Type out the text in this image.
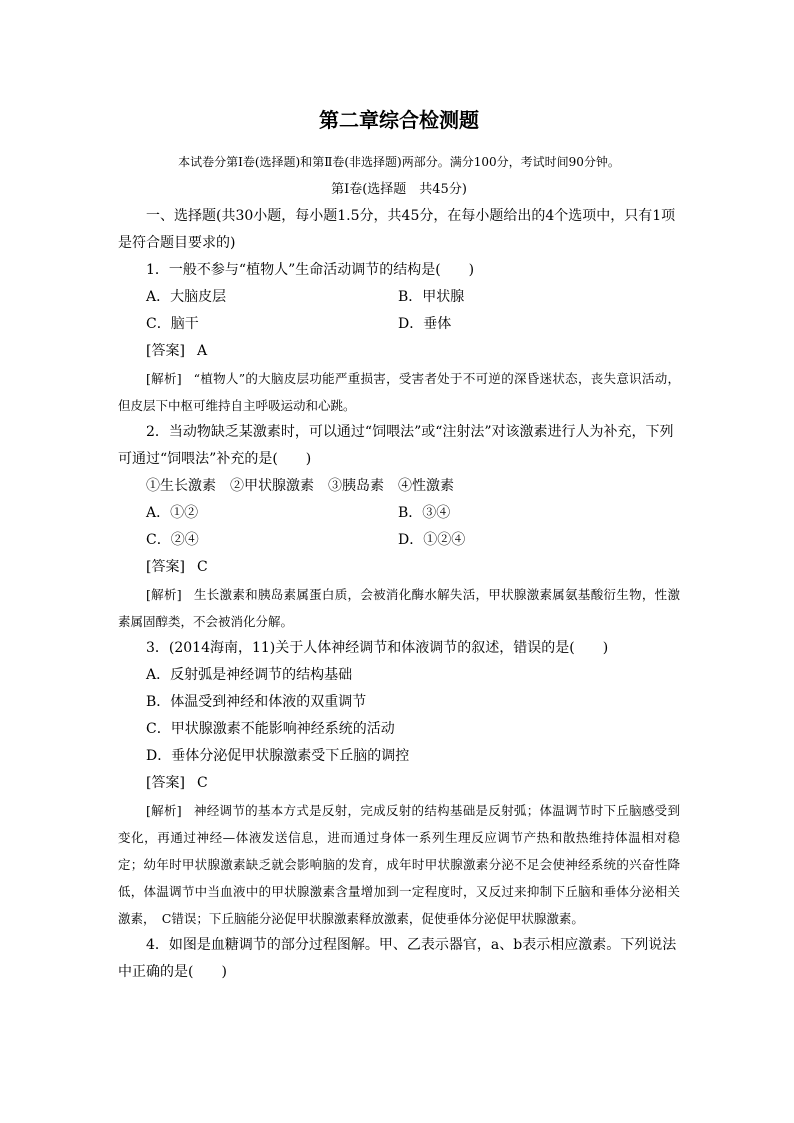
第二章综合检测题
本试卷分第Ⅰ卷(选择题)和第Ⅱ卷(非选择题)两部分。满分100分，考试时间90分钟。
第Ⅰ卷(选择题　共45分)

一、选择题(共30小题，每小题1.5分，共45分，在每小题给出的4个选项中，只有1项是符合题目要求的)

1．一般不参与“植物人”生命活动调节的结构是(　　)

A．大脑皮层	B．甲状腺
C．脑干	D．垂体

[答案] A

[解析] “植物人”的大脑皮层功能严重损害，受害者处于不可逆的深昏迷状态，丧失意识活动，但皮层下中枢可维持自主呼吸运动和心跳。

2．当动物缺乏某激素时，可以通过“饲喂法”或“注射法”对该激素进行人为补充，下列可通过“饲喂法”补充的是(　　)

①生长激素　②甲状腺激素　③胰岛素　④性激素

A．①②	B．③④
C．②④	D．①②④

[答案] C

[解析] 生长激素和胰岛素属蛋白质，会被消化酶水解失活，甲状腺激素属氨基酸衍生物，性激素属固醇类，不会被消化分解。

3．(2014海南，11)关于人体神经调节和体液调节的叙述，错误的是(　　)

A．反射弧是神经调节的结构基础

B．体温受到神经和体液的双重调节

C．甲状腺激素不能影响神经系统的活动

D．垂体分泌促甲状腺激素受下丘脑的调控

[答案] C

[解析] 神经调节的基本方式是反射，完成反射的结构基础是反射弧；体温调节时下丘脑感受到变化，再通过神经—体液发送信息，进而通过身体一系列生理反应调节产热和散热维持体温相对稳定；幼年时甲状腺激素缺乏就会影响脑的发育，成年时甲状腺激素分泌不足会使神经系统的兴奋性降低，体温调节中当血液中的甲状腺激素含量增加到一定程度时，又反过来抑制下丘脑和垂体分泌相关激素，　C错误；下丘脑能分泌促甲状腺激素释放激素，促使垂体分泌促甲状腺激素。

4．如图是血糖调节的部分过程图解。甲、乙表示器官，a、b表示相应激素。下列说法中正确的是(　　)
